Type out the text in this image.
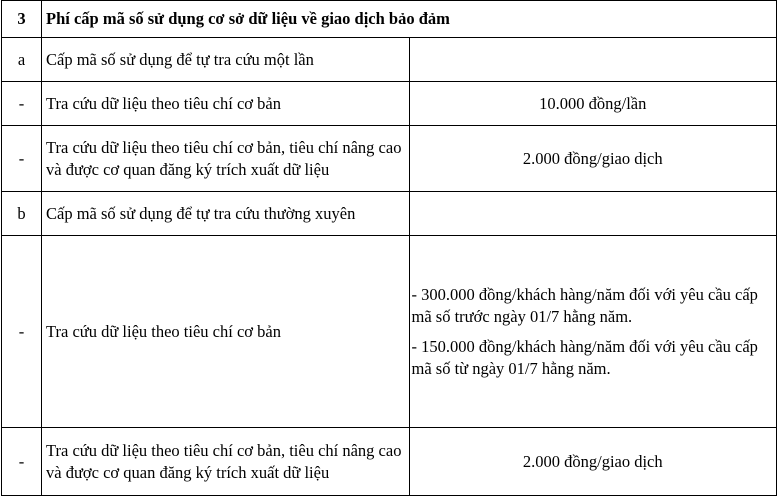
3	Phí cấp mã số sử dụng cơ sở dữ liệu về giao dịch bảo đảm	
a	Cấp mã số sử dụng để tự tra cứu một lần	
-	Tra cứu dữ liệu theo tiêu chí cơ bản	10.000 đồng/lần
-	Tra cứu dữ liệu theo tiêu chí cơ bản, tiêu chí nâng cao và được cơ quan đăng ký trích xuất dữ liệu	2.000 đồng/giao dịch
b	Cấp mã số sử dụng để tự tra cứu thường xuyên	
-	Tra cứu dữ liệu theo tiêu chí cơ bản	- 300.000 đồng/khách hàng/năm đối với yêu cầu cấp mã số trước ngày 01/7 hằng năm.

- 150.000 đồng/khách hàng/năm đối với yêu cầu cấp mã số từ ngày 01/7 hằng năm.

-	Tra cứu dữ liệu theo tiêu chí cơ bản, tiêu chí nâng cao và được cơ quan đăng ký trích xuất dữ liệu	2.000 đồng/giao dịch
